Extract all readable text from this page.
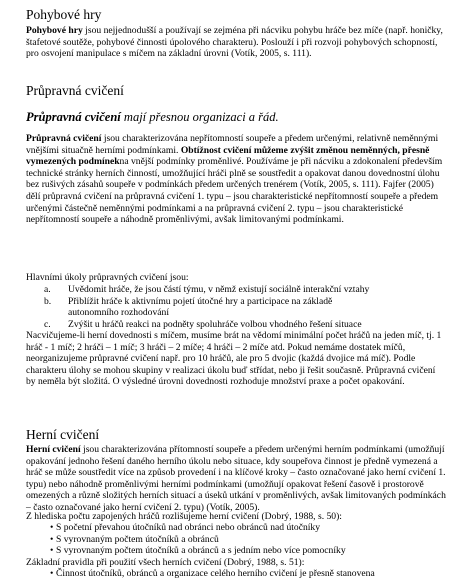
Pohybové hry

Pohybové hry jsou nejjednodušší a používají se zejména při nácviku pohybu hráče bez míče (např. honičky, štafetové soutěže, pohybové činnosti úpolového charakteru). Poslouží i při rozvoji pohybových schopností, pro osvojení manipulace s míčem na základní úrovni (Votík, 2005, s. 111).

Průpravná cvičení

Průpravná cvičení mají přesnou organizaci a řád.

Průpravná cvičení jsou charakterizována nepřítomností soupeře a předem určenými, relativně neměnnými vnějšími situačně herními podmínkami. Obtížnost cvičení můžeme zvýšit změnou neměnných, přesně vymezených podmínekna vnější podmínky proměnlivé. Používáme je při nácviku a zdokonalení především technické stránky herních činností, umožňující hráči plně se soustředit a opakovat danou dovednostní úlohu bez rušivých zásahů soupeře v podmínkách předem určených trenérem (Votík, 2005, s. 111). Fajfer (2005) dělí průpravná cvičení na průpravná cvičení 1. typu – jsou charakteristické nepřítomností soupeře a předem určenými částečně neměnnými podmínkami a na průpravná cvičení 2. typu – jsou charakteristické nepřítomností soupeře a náhodně proměnlivými, avšak limitovanými podmínkami.

Hlavními úkoly průpravných cvičení jsou:

a.	Uvědomit hráče, že jsou částí týmu, v němž existují sociálně interakční vztahy
b.	Přiblížit hráče k aktivnímu pojetí útočné hry a participace na základě autonomního rozhodování
c.	Zvýšit u hráčů reakci na podněty spoluhráče volbou vhodného řešení situace

Nacvičujeme-li herní dovednosti s míčem, musíme brát na vědomí minimální počet hráčů na jeden míč, tj. 1 hráč - 1 míč; 2 hráči – 1 míč; 3 hráči – 2 míče; 4 hráči – 2 míče atd. Pokud nemáme dostatek míčů, neorganizujeme průpravné cvičení např. pro 10 hráčů, ale pro 5 dvojic (každá dvojice má míč). Podle charakteru úlohy se mohou skupiny v realizaci úkolu buď střídat, nebo ji řešit současně. Průpravná cvičení by neměla být složitá. O výsledné úrovni dovednosti rozhoduje množství praxe a počet opakování.

Herní cvičení

Herní cvičení jsou charakterizována přítomností soupeře a předem určenými herním podmínkami (umožňují opakování jednoho řešení daného herního úkolu nebo situace, kdy soupeřova činnost je předně vymezená a hráč se může soustředit více na způsob provedení i na klíčové kroky – často označované jako herní cvičení 1. typu) nebo náhodně proměnlivými herními podmínkami (umožňují opakovat řešení časově i prostorově omezených a různě složitých herních situací a úseků utkání v proměnlivých, avšak limitovaných podmínkách – často označované jako herní cvičení 2. typu) (Votík, 2005).

Z hlediska počtu zapojených hráčů rozlišujeme herní cvičení (Dobrý, 1988, s. 50):

• S početní převahou útočníků nad obránci nebo obránců nad útočníky
• S vyrovnaným počtem útočníků a obránců
• S vyrovnaným počtem útočníků a obránců a s jedním nebo více pomocníky

Základní pravidla při použití všech herních cvičení (Dobrý, 1988, s. 51):

• Činnost útočníků, obránců a organizace celého herního cvičení je přesně stanovena
